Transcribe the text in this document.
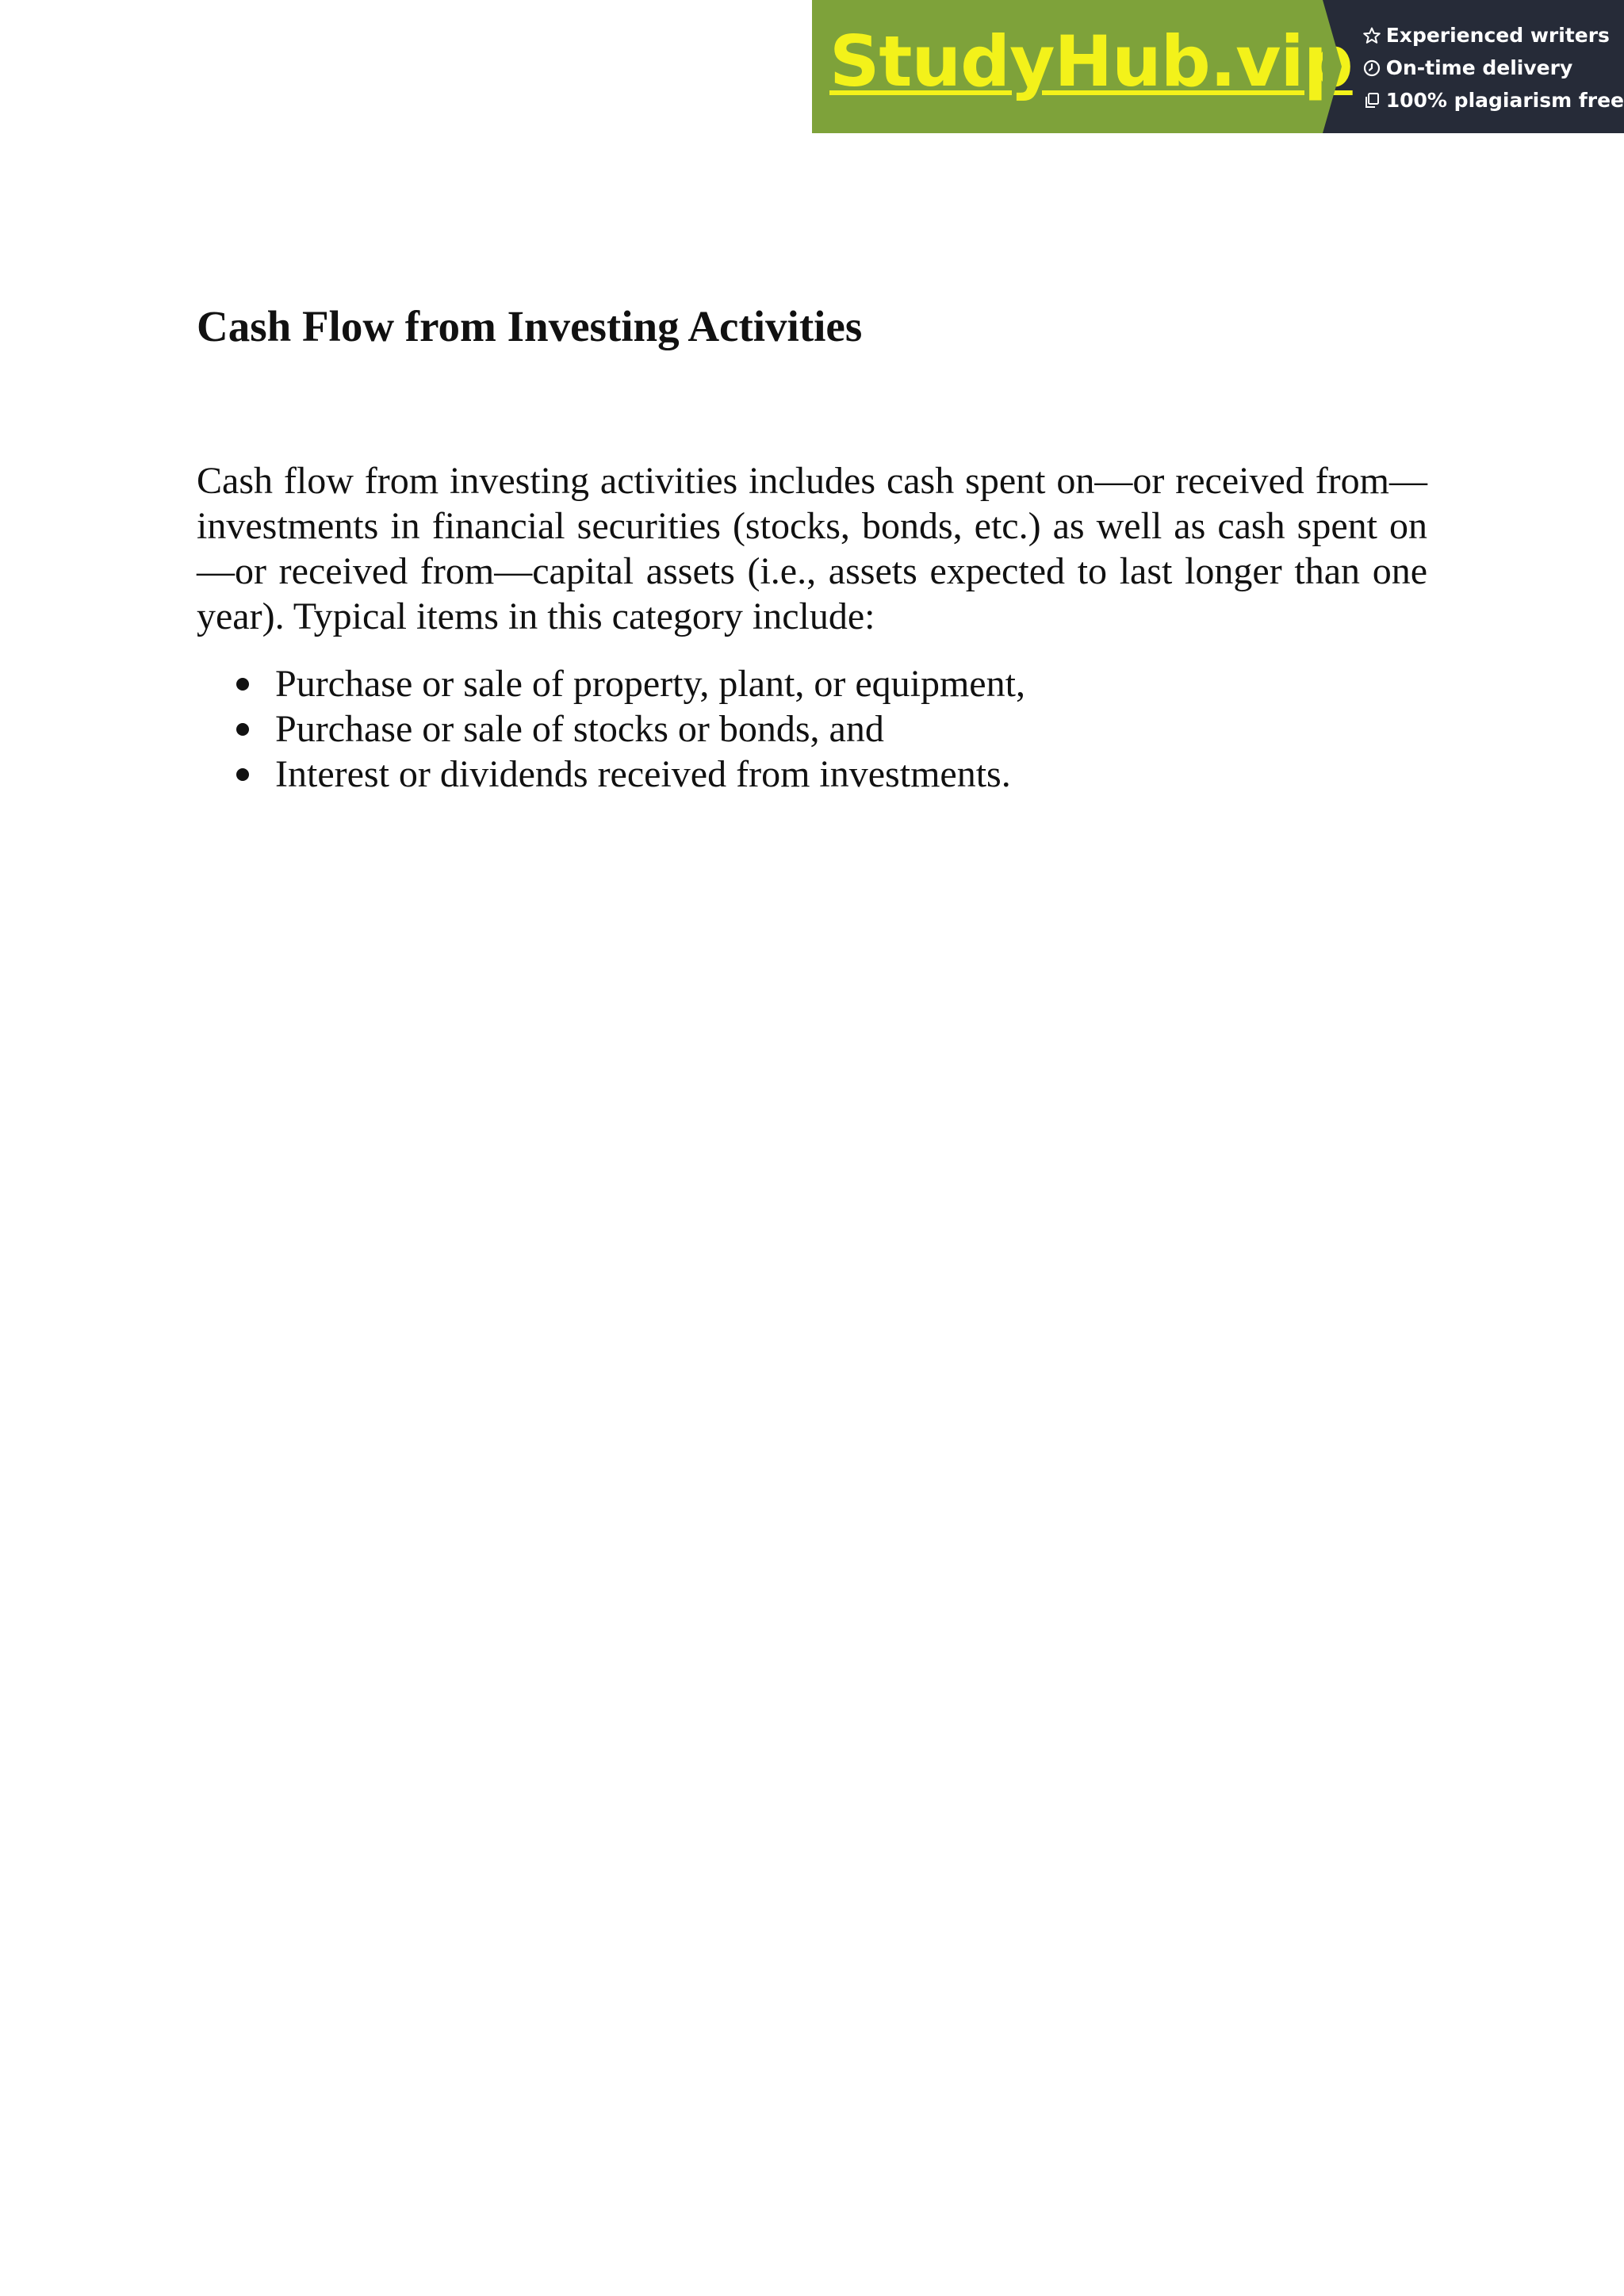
StudyHub.vip Experienced writers
On-time delivery
100% plagiarism free
Cash Flow from Investing Activities

Cash flow from investing activities includes cash spent on—or received from—investments in financial securities (stocks, bonds, etc.) as well as cash spent on—or received from—capital assets (i.e., assets expected to last longer than one year). Typical items in this category include:

Purchase or sale of property, plant, or equipment,
Purchase or sale of stocks or bonds, and
Interest or dividends received from investments.
